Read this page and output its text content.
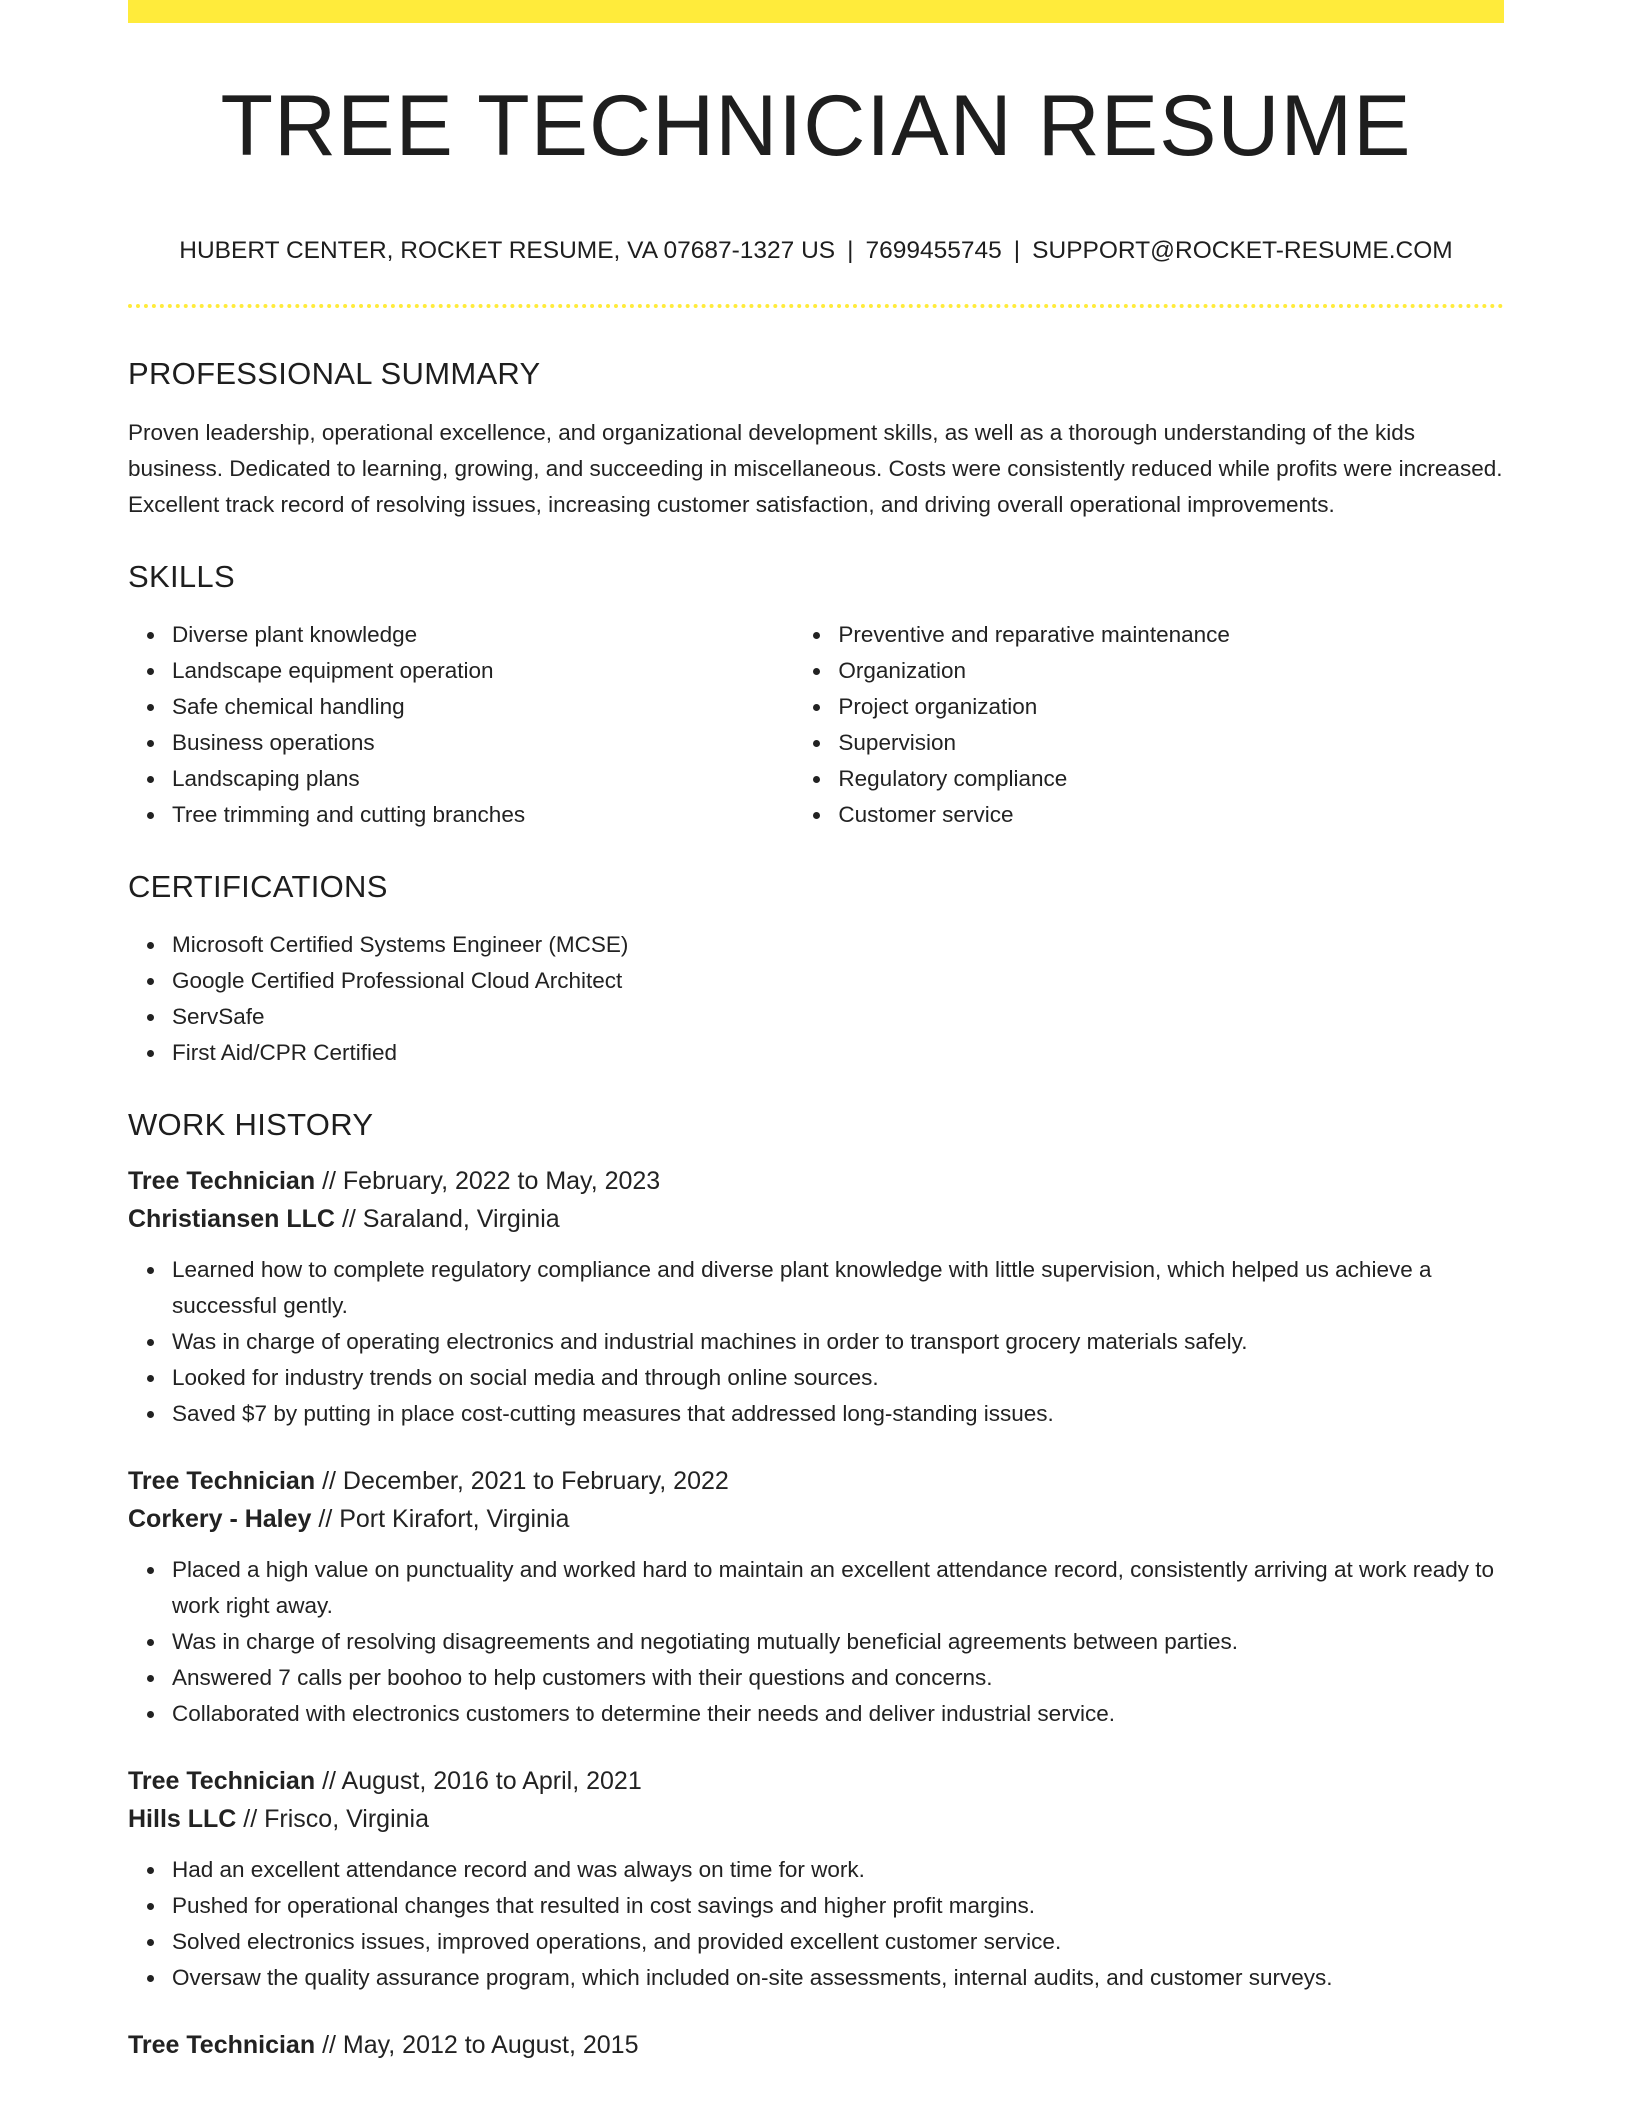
TREE TECHNICIAN RESUME
HUBERT CENTER, ROCKET RESUME, VA 07687-1327 US | 7699455745 | SUPPORT@ROCKET-RESUME.COM
PROFESSIONAL SUMMARY

Proven leadership, operational excellence, and organizational development skills, as well as a thorough understanding of the kids business. Dedicated to learning, growing, and succeeding in miscellaneous. Costs were consistently reduced while profits were increased. Excellent track record of resolving issues, increasing customer satisfaction, and driving overall operational improvements.

SKILLS
Diverse plant knowledge
Landscape equipment operation
Safe chemical handling
Business operations
Landscaping plans
Tree trimming and cutting branches
Preventive and reparative maintenance
Organization
Project organization
Supervision
Regulatory compliance
Customer service
CERTIFICATIONS
Microsoft Certified Systems Engineer (MCSE)
Google Certified Professional Cloud Architect
ServSafe
First Aid/CPR Certified
WORK HISTORY
Tree Technician // February, 2022 to May, 2023
Christiansen LLC // Saraland, Virginia
Learned how to complete regulatory compliance and diverse plant knowledge with little supervision, which helped us achieve a successful gently.
Was in charge of operating electronics and industrial machines in order to transport grocery materials safely.
Looked for industry trends on social media and through online sources.
Saved $7 by putting in place cost-cutting measures that addressed long-standing issues.
Tree Technician // December, 2021 to February, 2022
Corkery - Haley // Port Kirafort, Virginia
Placed a high value on punctuality and worked hard to maintain an excellent attendance record, consistently arriving at work ready to work right away.
Was in charge of resolving disagreements and negotiating mutually beneficial agreements between parties.
Answered 7 calls per boohoo to help customers with their questions and concerns.
Collaborated with electronics customers to determine their needs and deliver industrial service.
Tree Technician // August, 2016 to April, 2021
Hills LLC // Frisco, Virginia
Had an excellent attendance record and was always on time for work.
Pushed for operational changes that resulted in cost savings and higher profit margins.
Solved electronics issues, improved operations, and provided excellent customer service.
Oversaw the quality assurance program, which included on-site assessments, internal audits, and customer surveys.
Tree Technician // May, 2012 to August, 2015
